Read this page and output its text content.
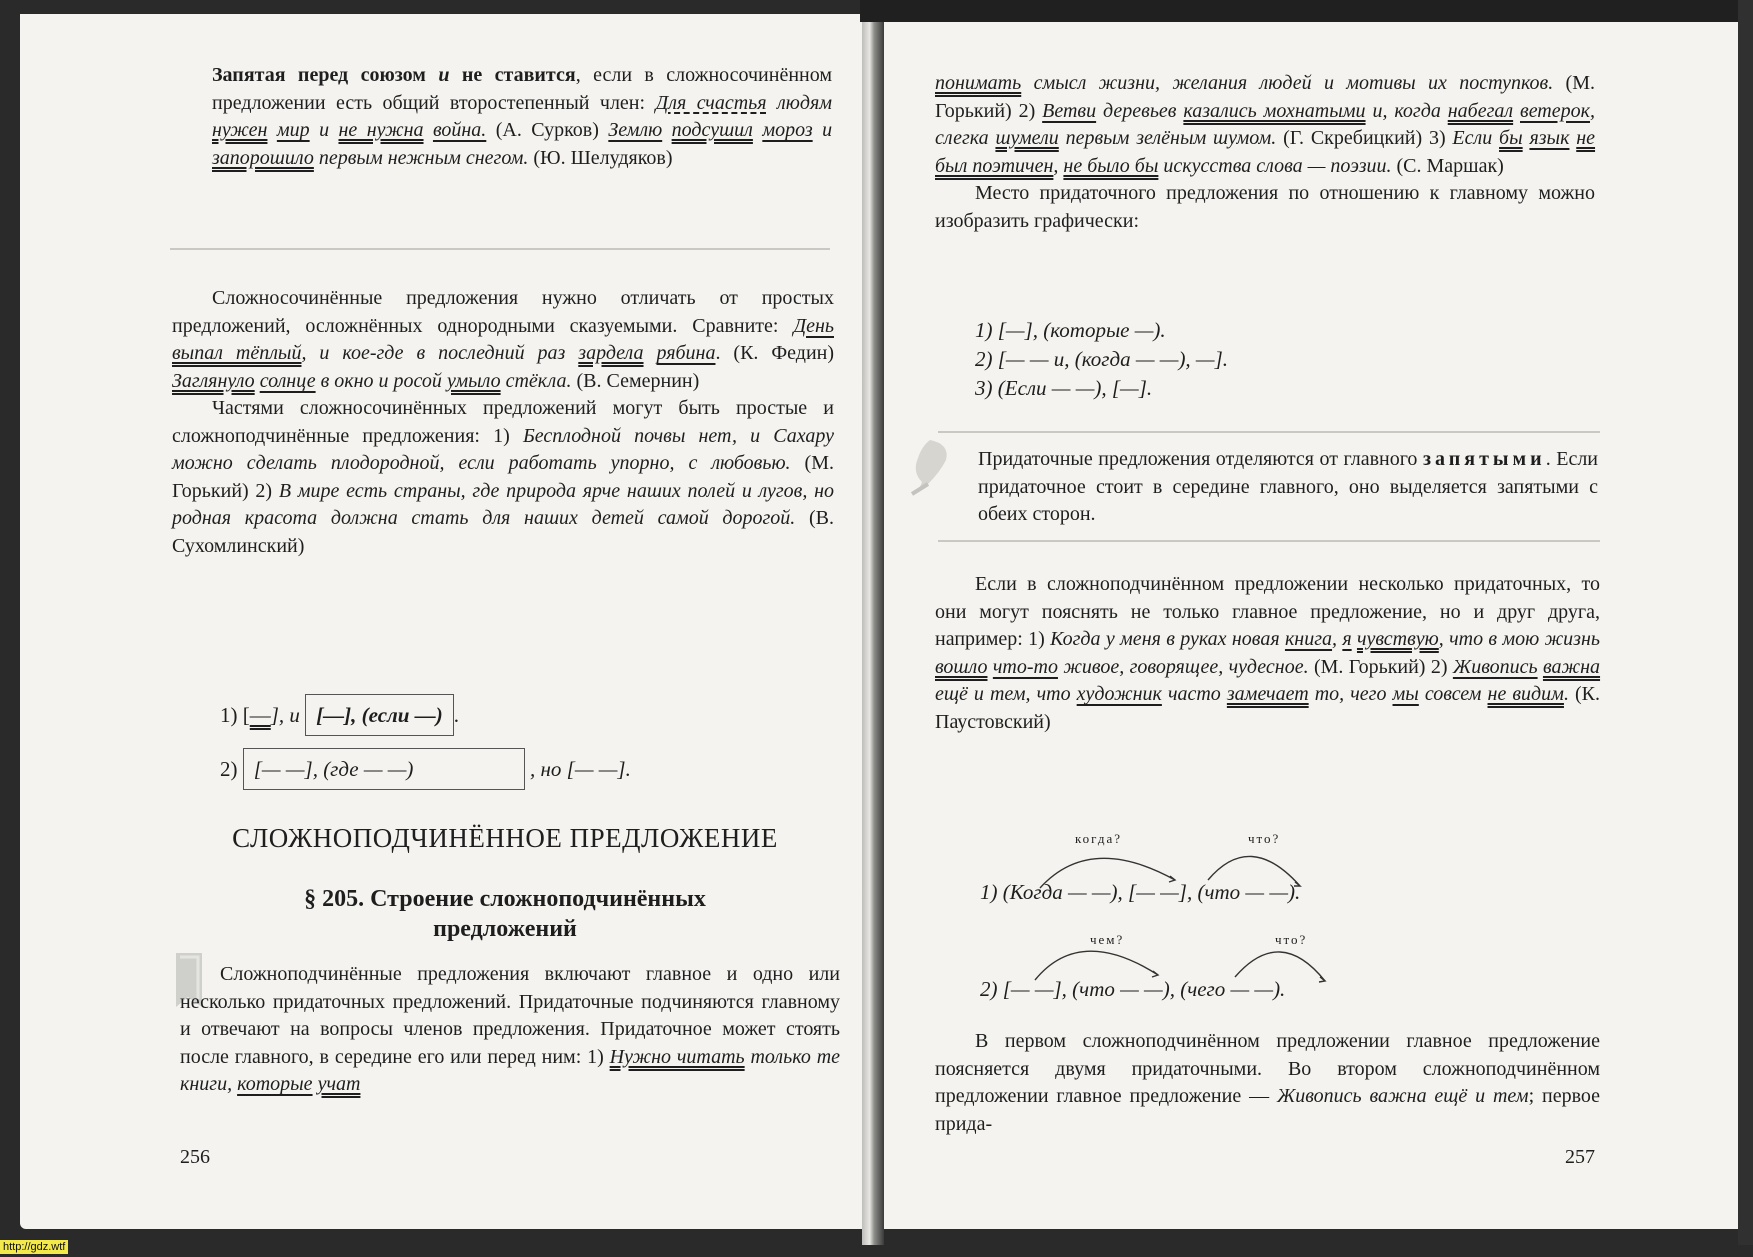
Запятая перед союзом и не ставится, если в сложносочинённом предложении есть общий второстепенный член: Для счастья людям нужен мир и не нужна война. (А. Сурков) Землю подсушил мороз и запорошило первым нежным снегом. (Ю. Шелудяков)

Сложносочинённые предложения нужно отличать от простых предложений, осложнённых однородными сказуемыми. Сравните: День выпал тёплый, и кое-где в последний раз зардела рябина. (К. Федин) Заглянуло солнце в окно и росой умыло стёкла. (В. Семернин)

Частями сложносочинённых предложений могут быть простые и сложноподчинённые предложения: 1) Бесплодной почвы нет, и Сахару можно сделать плодородной, если работать упорно, с любовью. (М. Горький) 2) В мире есть страны, где природа ярче наших полей и лугов, но родная красота должна стать для наших детей самой дорогой. (В. Сухомлинский)

1) [—], и [—], (если —) .
2) [— —], (где — —)	, но [— —].
СЛОЖНОПОДЧИНЁННОЕ ПРЕДЛОЖЕНИЕ
§ 205. Строение сложноподчинённых
предложений

Сложноподчинённые предложения включают главное и одно или несколько придаточных предложений. Придаточные подчиняются главному и отвечают на вопросы членов предложения. Придаточное может стоять после главного, в середине его или перед ним: 1) Нужно читать только те книги, которые учат

256

понимать смысл жизни, желания людей и мотивы их поступков. (М. Горький) 2) Ветви деревьев казались мохнатыми и, когда набегал ветерок, слегка шумели первым зелёным шумом. (Г. Скребицкий) 3) Если бы язык не был поэтичен, не было бы искусства слова — поэзии. (С. Маршак)

Место придаточного предложения по отношению к главному можно изобразить графически:

1) [—], (которые —).
2) [— — и, (когда — —), —].
3) (Если — —), [—].

Придаточные предложения отделяются от главного запятыми. Если придаточное стоит в середине главного, оно выделяется запятыми с обеих сторон.

Если в сложноподчинённом предложении несколько придаточных, то они могут пояснять не только главное предложение, но и друг друга, например: 1) Когда у меня в руках новая книга, я чувствую, что в мою жизнь вошло что-то живое, говорящее, чудесное. (М. Горький) 2) Живопись важна ещё и тем, что художник часто замечает то, чего мы совсем не видим. (К. Паустовский)

когда?	что?
1) (Когда — —), [— —], (что — —).
чем?	что?
2) [— —], (что — —), (чего — —).

В первом сложноподчинённом предложении главное предложение поясняется двумя придаточными. Во втором сложноподчинённом предложении главное предложение — Живопись важна ещё и тем; первое прида-

257
http://gdz.wtf
